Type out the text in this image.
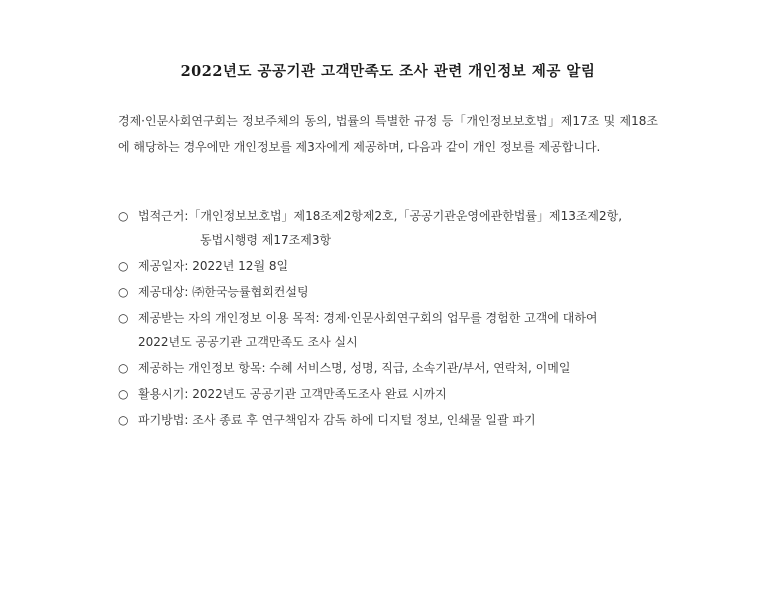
2022년도 공공기관 고객만족도 조사 관련 개인정보 제공 알림
경제·인문사회연구회는 정보주체의 동의, 법률의 특별한 규정 등「개인정보보호법」제17조 및 제18조에 해당하는 경우에만 개인정보를 제3자에게 제공하며, 다음과 같이 개인 정보를 제공합니다.
○ 법적근거:「개인정보보호법」제18조제2항제2호,「공공기관운영에관한법률」제13조제2항,
동법시행령 제17조제3항
○ 제공일자: 2022년 12월 8일
○ 제공대상: ㈜한국능률협회컨설팅
○ 제공받는 자의 개인정보 이용 목적: 경제·인문사회연구회의 업무를 경험한 고객에 대하여
2022년도 공공기관 고객만족도 조사 실시
○ 제공하는 개인정보 항목: 수혜 서비스명, 성명, 직급, 소속기관/부서, 연락처, 이메일
○ 활용시기: 2022년도 공공기관 고객만족도조사 완료 시까지
○ 파기방법: 조사 종료 후 연구책임자 감독 하에 디지털 정보, 인쇄물 일괄 파기
